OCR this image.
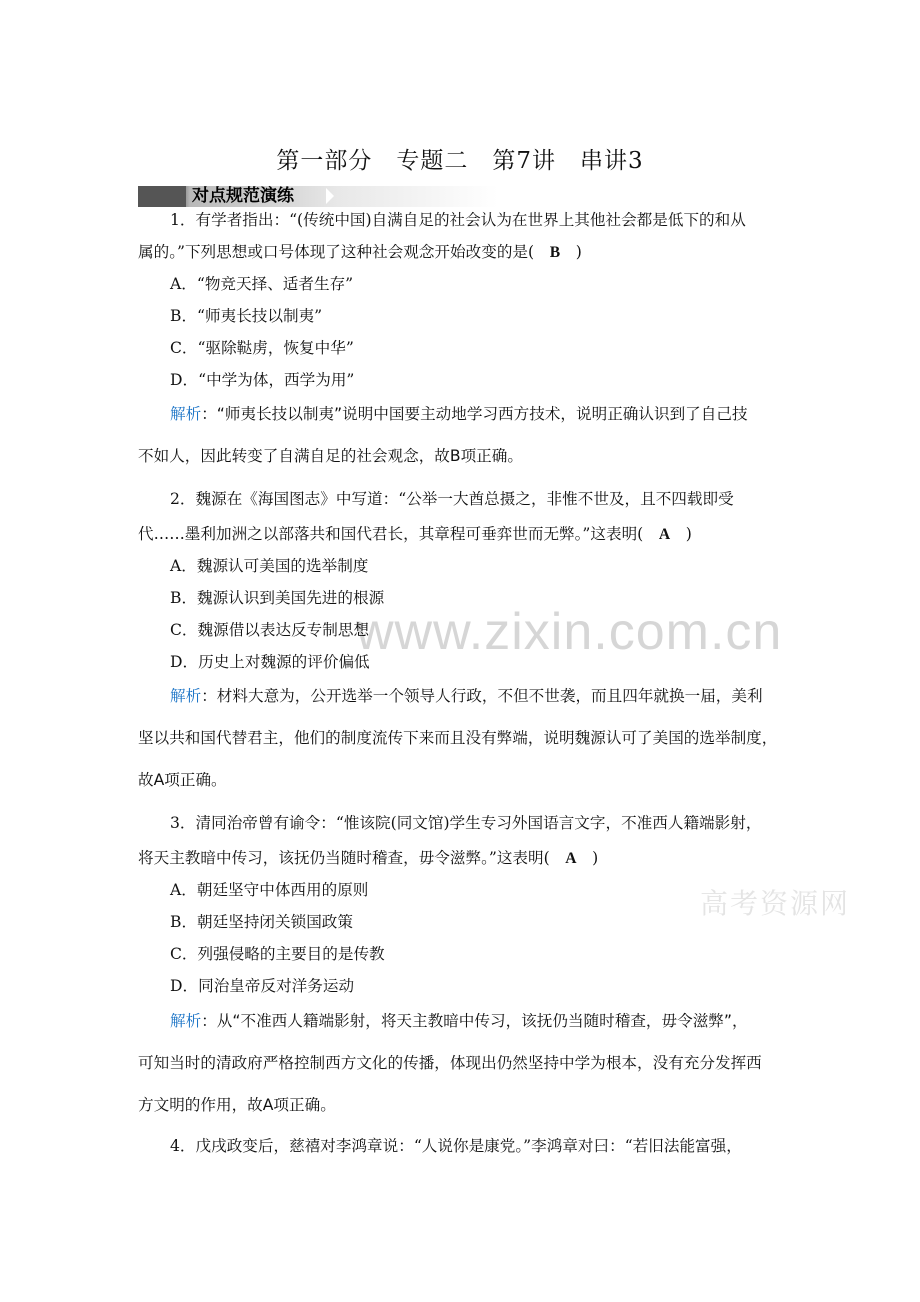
第一部分　专题二　第7讲　串讲3
对点规范演练
www.zixin.com.cn
高考资源网
1．有学者指出：“(传统中国)自满自足的社会认为在世界上其他社会都是低下的和从
属的。”下列思想或口号体现了这种社会观念开始改变的是(   B   )
A．“物竞天择、适者生存”
B．“师夷长技以制夷”
C．“驱除鞑虏，恢复中华”
D．“中学为体，西学为用”
解析：“师夷长技以制夷”说明中国要主动地学习西方技术，说明正确认识到了自己技
不如人，因此转变了自满自足的社会观念，故B项正确。
2．魏源在《海国图志》中写道：“公举一大酋总摄之，非惟不世及，且不四载即受
代……墨利加洲之以部落共和国代君长，其章程可垂弈世而无弊。”这表明(   A   )
A．魏源认可美国的选举制度
B．魏源认识到美国先进的根源
C．魏源借以表达反专制思想
D．历史上对魏源的评价偏低
解析：材料大意为，公开选举一个领导人行政，不但不世袭，而且四年就换一届，美利
坚以共和国代替君主，他们的制度流传下来而且没有弊端，说明魏源认可了美国的选举制度，
故A项正确。
3．清同治帝曾有谕令：“惟该院(同文馆)学生专习外国语言文字，不准西人籍端影射，
将天主教暗中传习，该抚仍当随时稽查，毋令滋弊。”这表明(   A   )
A．朝廷坚守中体西用的原则
B．朝廷坚持闭关锁国政策
C．列强侵略的主要目的是传教
D．同治皇帝反对洋务运动
解析：从“不准西人籍端影射，将天主教暗中传习，该抚仍当随时稽查，毋令滋弊”，
可知当时的清政府严格控制西方文化的传播，体现出仍然坚持中学为根本，没有充分发挥西
方文明的作用，故A项正确。
4．戊戌政变后，慈禧对李鸿章说：“人说你是康党。”李鸿章对曰：“若旧法能富强，
